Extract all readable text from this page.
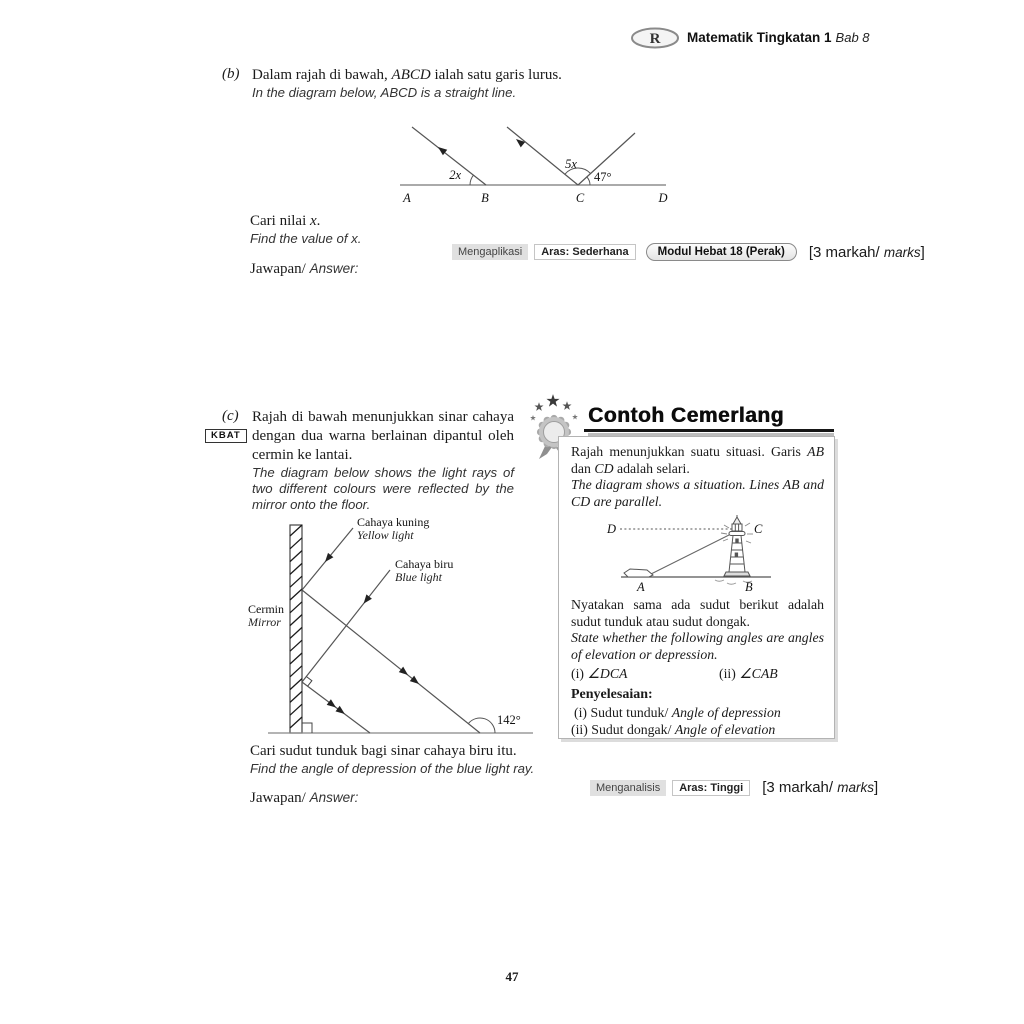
R Matematik Tingkatan 1 Bab 8
(b) Dalam rajah di bawah, ABCD ialah satu garis lurus.

In the diagram below, ABCD is a straight line.

2x
5x
47°
A	B	C	D

Cari nilai x.

Find the value of x.

Mengaplikasi	Aras: Sederhana	Modul Hebat 18 (Perak)	[3 markah/ marks]
Jawapan/ Answer:
(c) Rajah di bawah menunjukkan sinar cahaya dengan dua warna berlainan dipantul oleh cermin ke lantai.

The diagram below shows the light rays of two different colours were reflected by the mirror onto the floor.

KBAT
Cahaya kuning
Yellow light
Cahaya biru
Blue light
Cermin
Mirror
142°

Cari sudut tunduk bagi sinar cahaya biru itu.

Find the angle of depression of the blue light ray.

Jawapan/ Answer:
Contoh Cemerlang

Rajah menunjukkan suatu situasi. Garis AB dan CD adalah selari.

The diagram shows a situation. Lines AB and CD are parallel.

D	C
A	B

Nyatakan sama ada sudut berikut adalah sudut tunduk atau sudut dongak.

State whether the following angles are angles of elevation or depression.

(i) ∠DCA	(ii) ∠CAB

Penyelesaian:

(i) Sudut tunduk/ Angle of depression

(ii) Sudut dongak/ Angle of elevation

Menganalisis	Aras: Tinggi	[3 markah/ marks]
47
